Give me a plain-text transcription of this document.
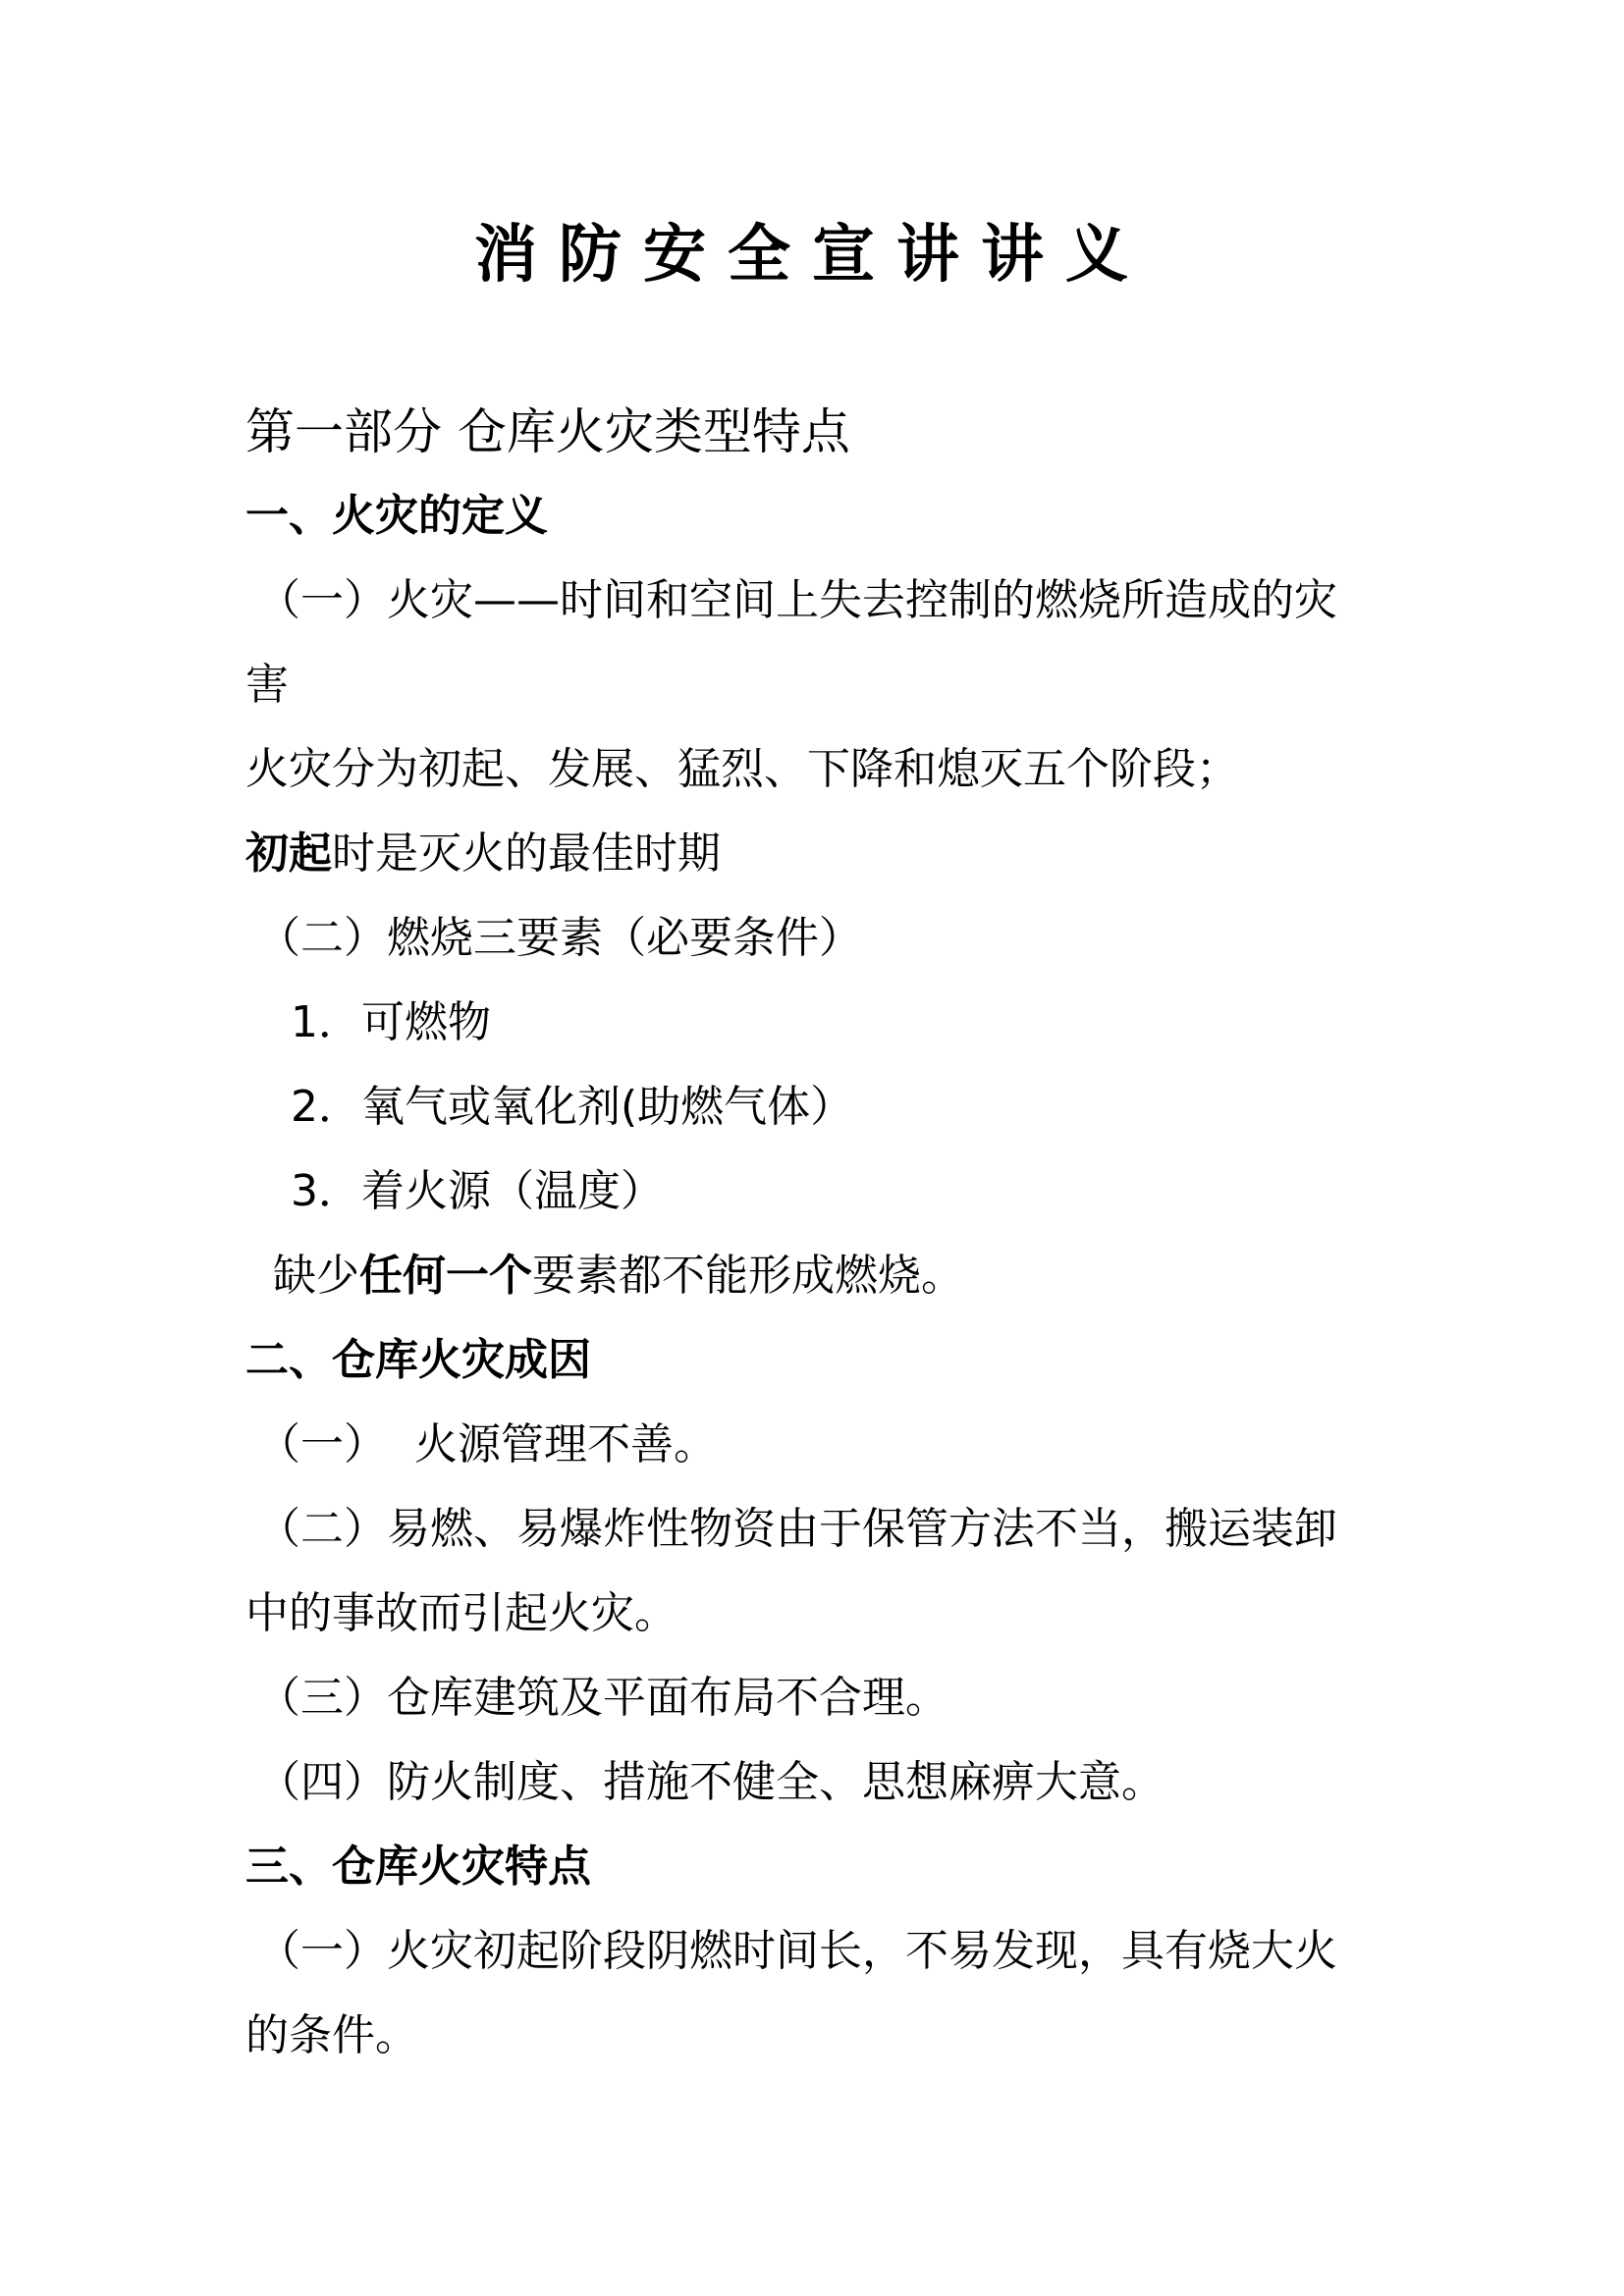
消防安全宣讲讲义

第一部分 仓库火灾类型特点

一、火灾的定义

（一）火灾——时间和空间上失去控制的燃烧所造成的灾

害

火灾分为初起、发展、猛烈、下降和熄灭五个阶段；

初起时是灭火的最佳时期

（二）燃烧三要素（必要条件）

1．可燃物

2．氧气或氧化剂(助燃气体）

3．着火源（温度）

缺少任何一个要素都不能形成燃烧。

二、仓库火灾成因

（一）  火源管理不善。

（二）易燃、易爆炸性物资由于保管方法不当，搬运装卸

中的事故而引起火灾。

（三）仓库建筑及平面布局不合理。

（四）防火制度、措施不健全、思想麻痹大意。

三、仓库火灾特点

（一）火灾初起阶段阴燃时间长，不易发现，具有烧大火

的条件。
